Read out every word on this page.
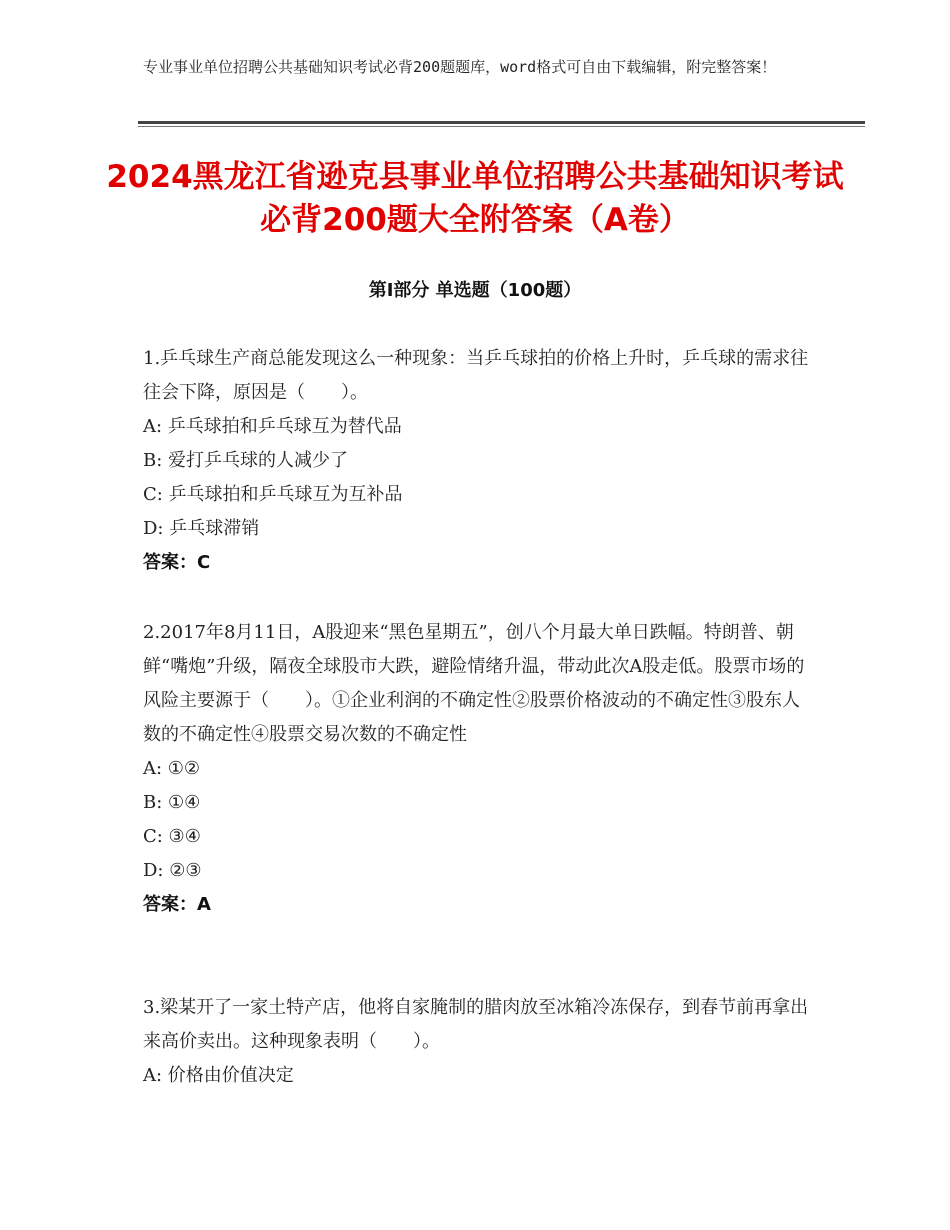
专业事业单位招聘公共基础知识考试必背200题题库，word格式可自由下载编辑，附完整答案！
2024黑龙江省逊克县事业单位招聘公共基础知识考试必背200题大全附答案（A卷）
第Ⅰ部分 单选题（100题）

1.乒乓球生产商总能发现这么一种现象：当乒乓球拍的价格上升时，乒乓球的需求往往会下降，原因是（　　）。

A: 乒乓球拍和乒乓球互为替代品

B: 爱打乒乓球的人减少了

C: 乒乓球拍和乒乓球互为互补品

D: 乒乓球滞销

答案：C

2.2017年8月11日，A股迎来“黑色星期五”，创八个月最大单日跌幅。特朗普、朝鲜“嘴炮”升级，隔夜全球股市大跌，避险情绪升温，带动此次A股走低。股票市场的风险主要源于（　　）。①企业利润的不确定性②股票价格波动的不确定性③股东人数的不确定性④股票交易次数的不确定性

A: ①②

B: ①④

C: ③④

D: ②③

答案：A

3.梁某开了一家土特产店，他将自家腌制的腊肉放至冰箱冷冻保存，到春节前再拿出来高价卖出。这种现象表明（　　）。

A: 价格由价值决定
